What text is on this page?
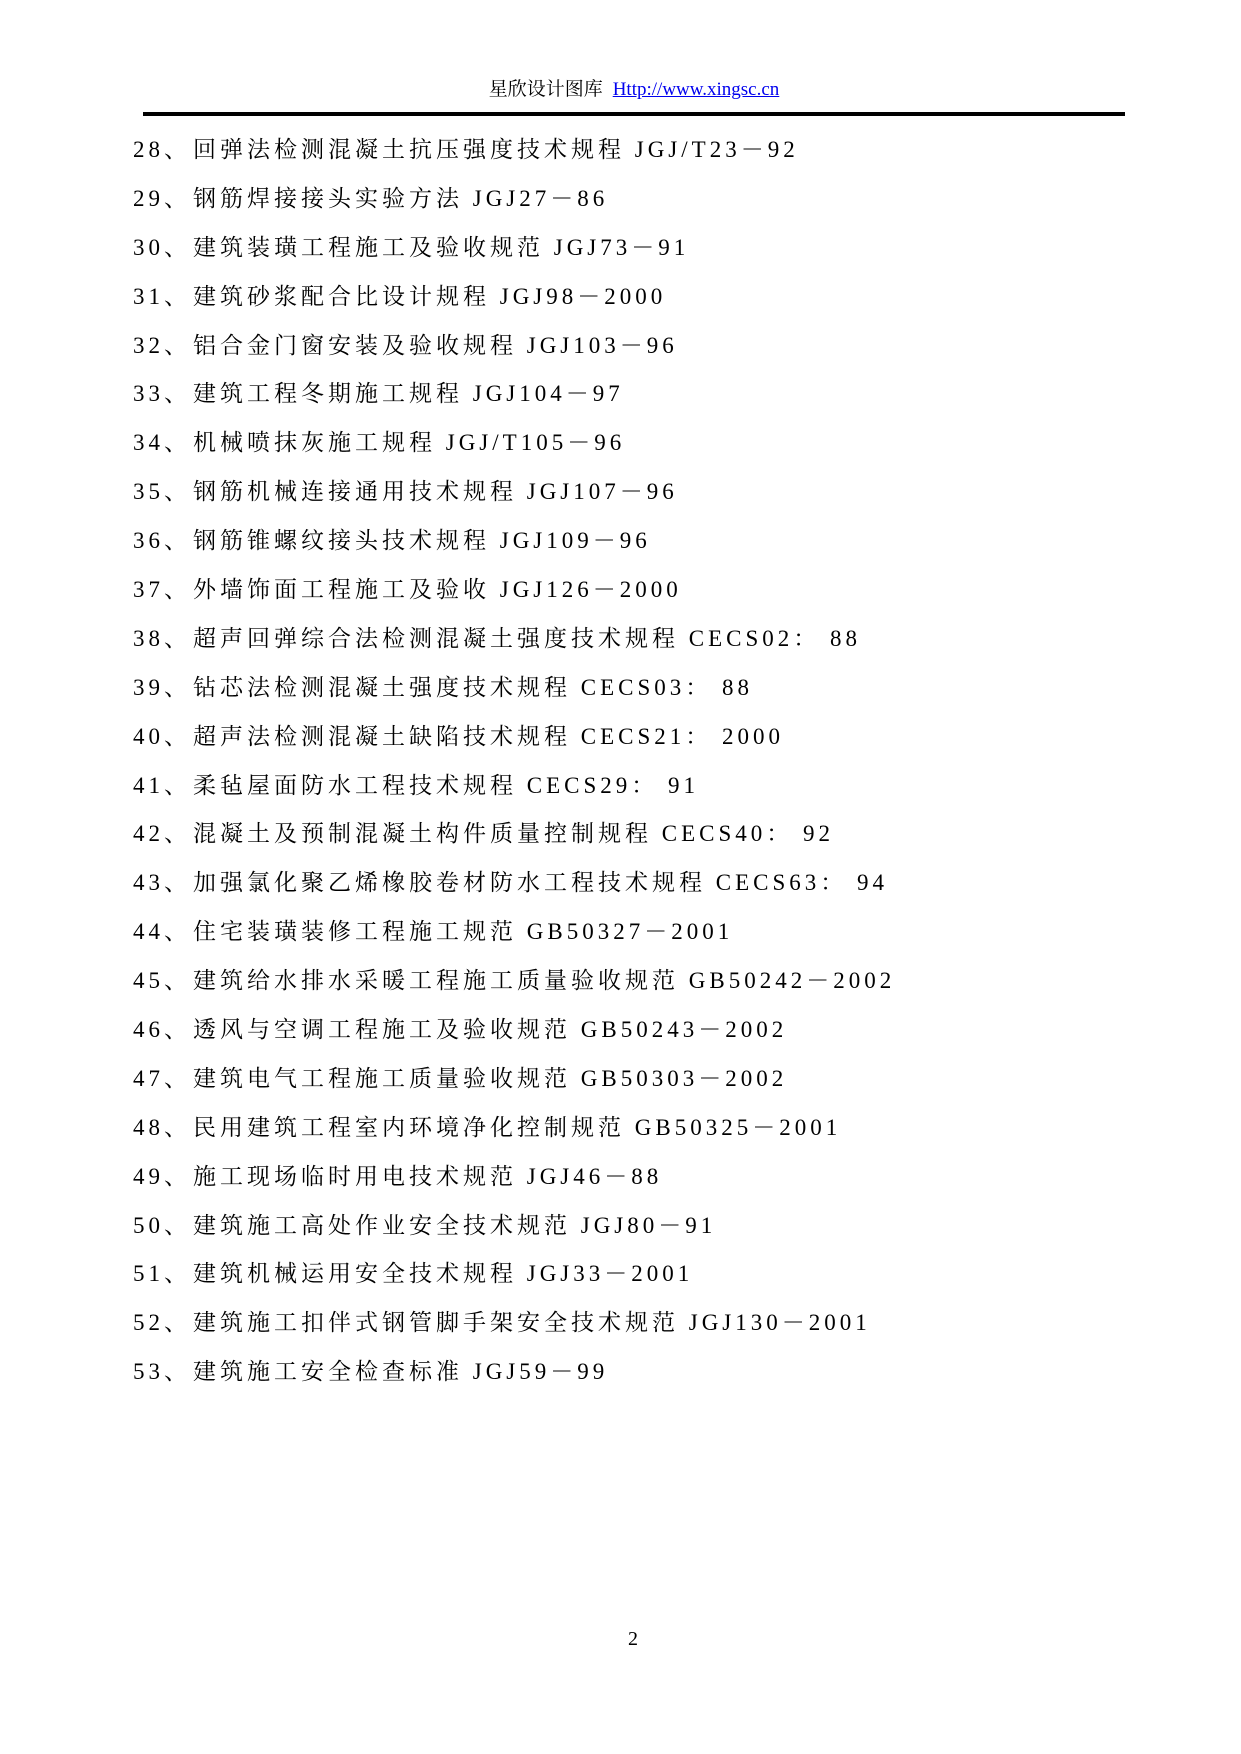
星欣设计图库 Http://www.xingsc.cn
28、 回弹法检测混凝土抗压强度技术规程 JGJ/T23－92
29、 钢筋焊接接头实验方法 JGJ27－86
30、 建筑装璜工程施工及验收规范 JGJ73－91
31、 建筑砂浆配合比设计规程 JGJ98－2000
32、 铝合金门窗安装及验收规程 JGJ103－96
33、 建筑工程冬期施工规程 JGJ104－97
34、 机械喷抹灰施工规程 JGJ/T105－96
35、 钢筋机械连接通用技术规程 JGJ107－96
36、 钢筋锥螺纹接头技术规程 JGJ109－96
37、 外墙饰面工程施工及验收 JGJ126－2000
38、 超声回弹综合法检测混凝土强度技术规程 CECS02： 88
39、 钻芯法检测混凝土强度技术规程 CECS03： 88
40、 超声法检测混凝土缺陷技术规程 CECS21： 2000
41、 柔毡屋面防水工程技术规程 CECS29： 91
42、 混凝土及预制混凝土构件质量控制规程 CECS40： 92
43、 加强氯化聚乙烯橡胶卷材防水工程技术规程 CECS63： 94
44、 住宅装璜装修工程施工规范 GB50327－2001
45、 建筑给水排水采暖工程施工质量验收规范 GB50242－2002
46、 透风与空调工程施工及验收规范 GB50243－2002
47、 建筑电气工程施工质量验收规范 GB50303－2002
48、 民用建筑工程室内环境净化控制规范 GB50325－2001
49、 施工现场临时用电技术规范 JGJ46－88
50、 建筑施工高处作业安全技术规范 JGJ80－91
51、 建筑机械运用安全技术规程 JGJ33－2001
52、 建筑施工扣伴式钢管脚手架安全技术规范 JGJ130－2001
53、 建筑施工安全检查标准 JGJ59－99
2
